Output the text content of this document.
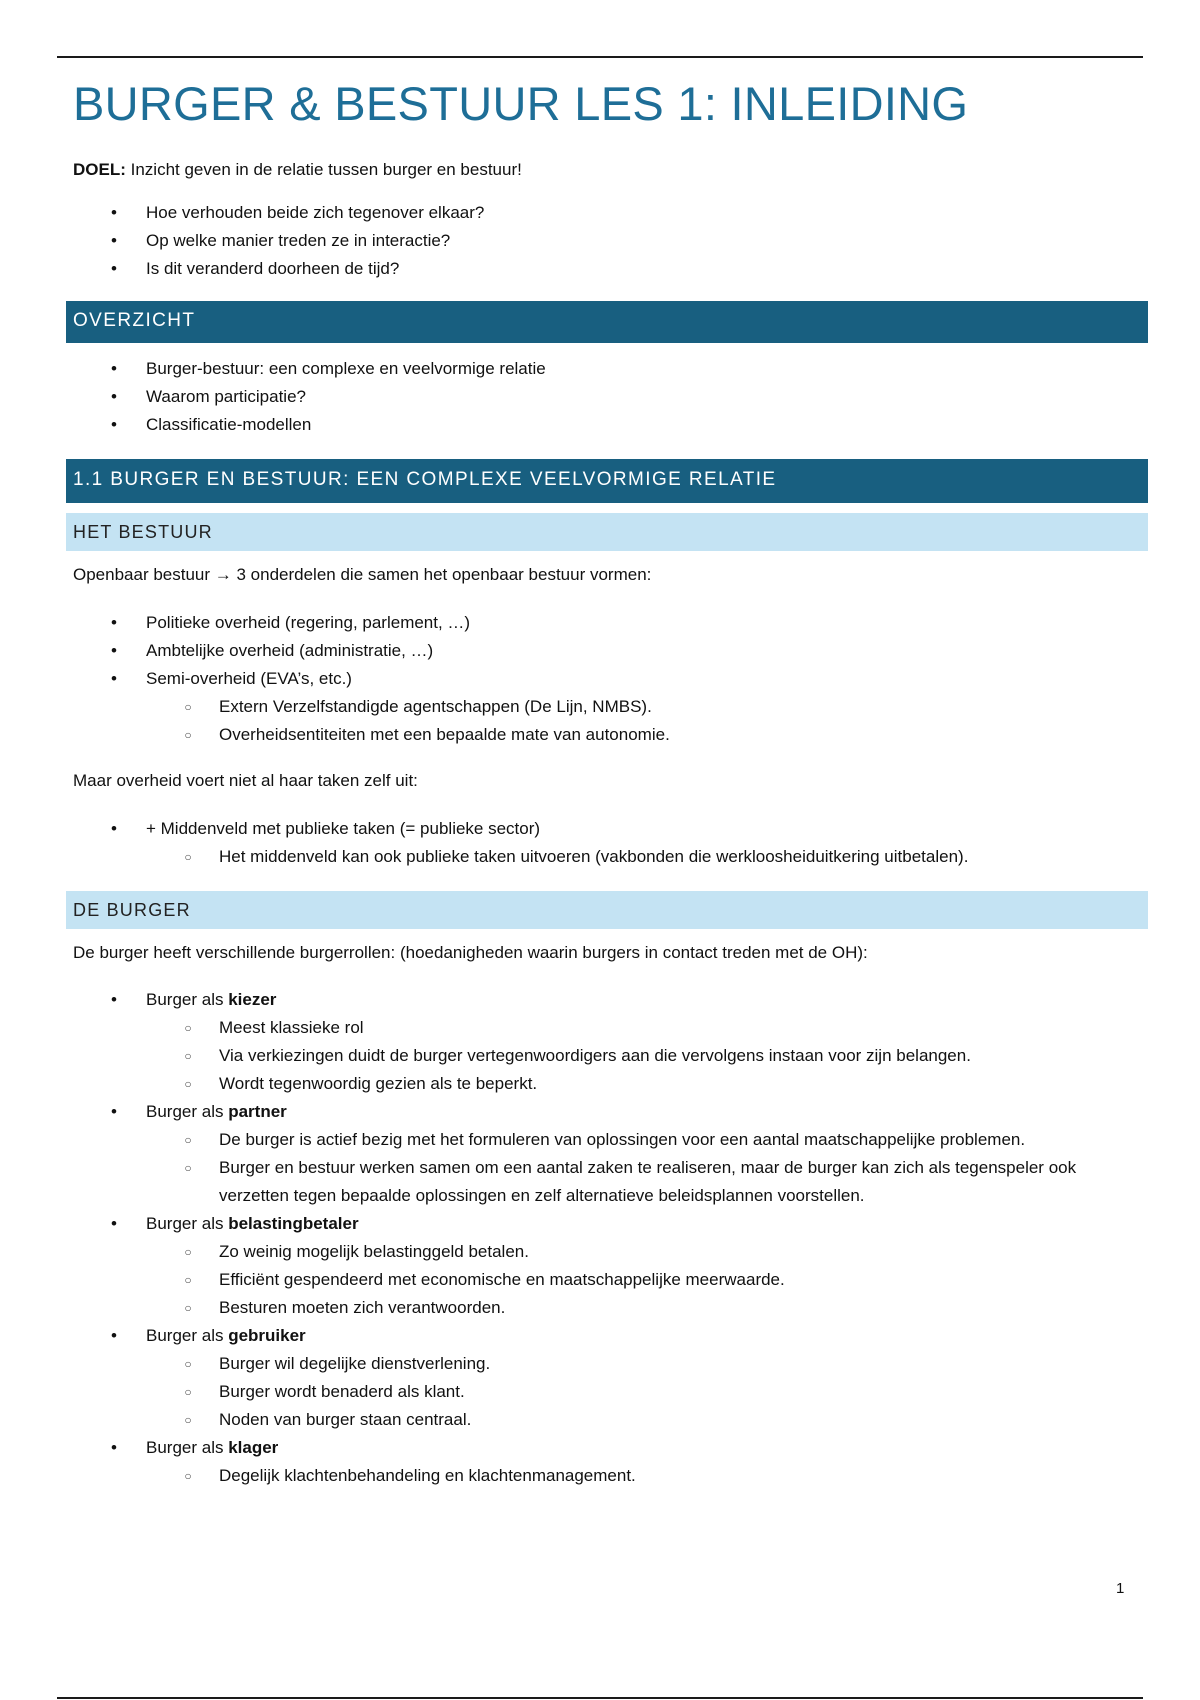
BURGER & BESTUUR LES 1: INLEIDING

DOEL: Inzicht geven in de relatie tussen burger en bestuur!

• Hoe verhouden beide zich tegenover elkaar?
• Op welke manier treden ze in interactie?
• Is dit veranderd doorheen de tijd?
OVERZICHT
• Burger-bestuur: een complexe en veelvormige relatie
• Waarom participatie?
• Classificatie-modellen
1.1 BURGER EN BESTUUR: EEN COMPLEXE VEELVORMIGE RELATIE
HET BESTUUR

Openbaar bestuur → 3 onderdelen die samen het openbaar bestuur vormen:

• Politieke overheid (regering, parlement, …)
• Ambtelijke overheid (administratie, …)
• Semi-overheid (EVA’s, etc.)
○ Extern Verzelfstandigde agentschappen (De Lijn, NMBS).
○ Overheidsentiteiten met een bepaalde mate van autonomie.

Maar overheid voert niet al haar taken zelf uit:

• + Middenveld met publieke taken (= publieke sector)
○ Het middenveld kan ook publieke taken uitvoeren (vakbonden die werkloosheiduitkering uitbetalen).
DE BURGER

De burger heeft verschillende burgerrollen: (hoedanigheden waarin burgers in contact treden met de OH):

• Burger als kiezer
○ Meest klassieke rol
○ Via verkiezingen duidt de burger vertegenwoordigers aan die vervolgens instaan voor zijn belangen.
○ Wordt tegenwoordig gezien als te beperkt.
• Burger als partner
○ De burger is actief bezig met het formuleren van oplossingen voor een aantal maatschappelijke problemen.
○ Burger en bestuur werken samen om een aantal zaken te realiseren, maar de burger kan zich als tegenspeler ook verzetten tegen bepaalde oplossingen en zelf alternatieve beleidsplannen voorstellen.
• Burger als belastingbetaler
○ Zo weinig mogelijk belastinggeld betalen.
○ Efficiënt gespendeerd met economische en maatschappelijke meerwaarde.
○ Besturen moeten zich verantwoorden.
• Burger als gebruiker
○ Burger wil degelijke dienstverlening.
○ Burger wordt benaderd als klant.
○ Noden van burger staan centraal.
• Burger als klager
○ Degelijk klachtenbehandeling en klachtenmanagement.
1
